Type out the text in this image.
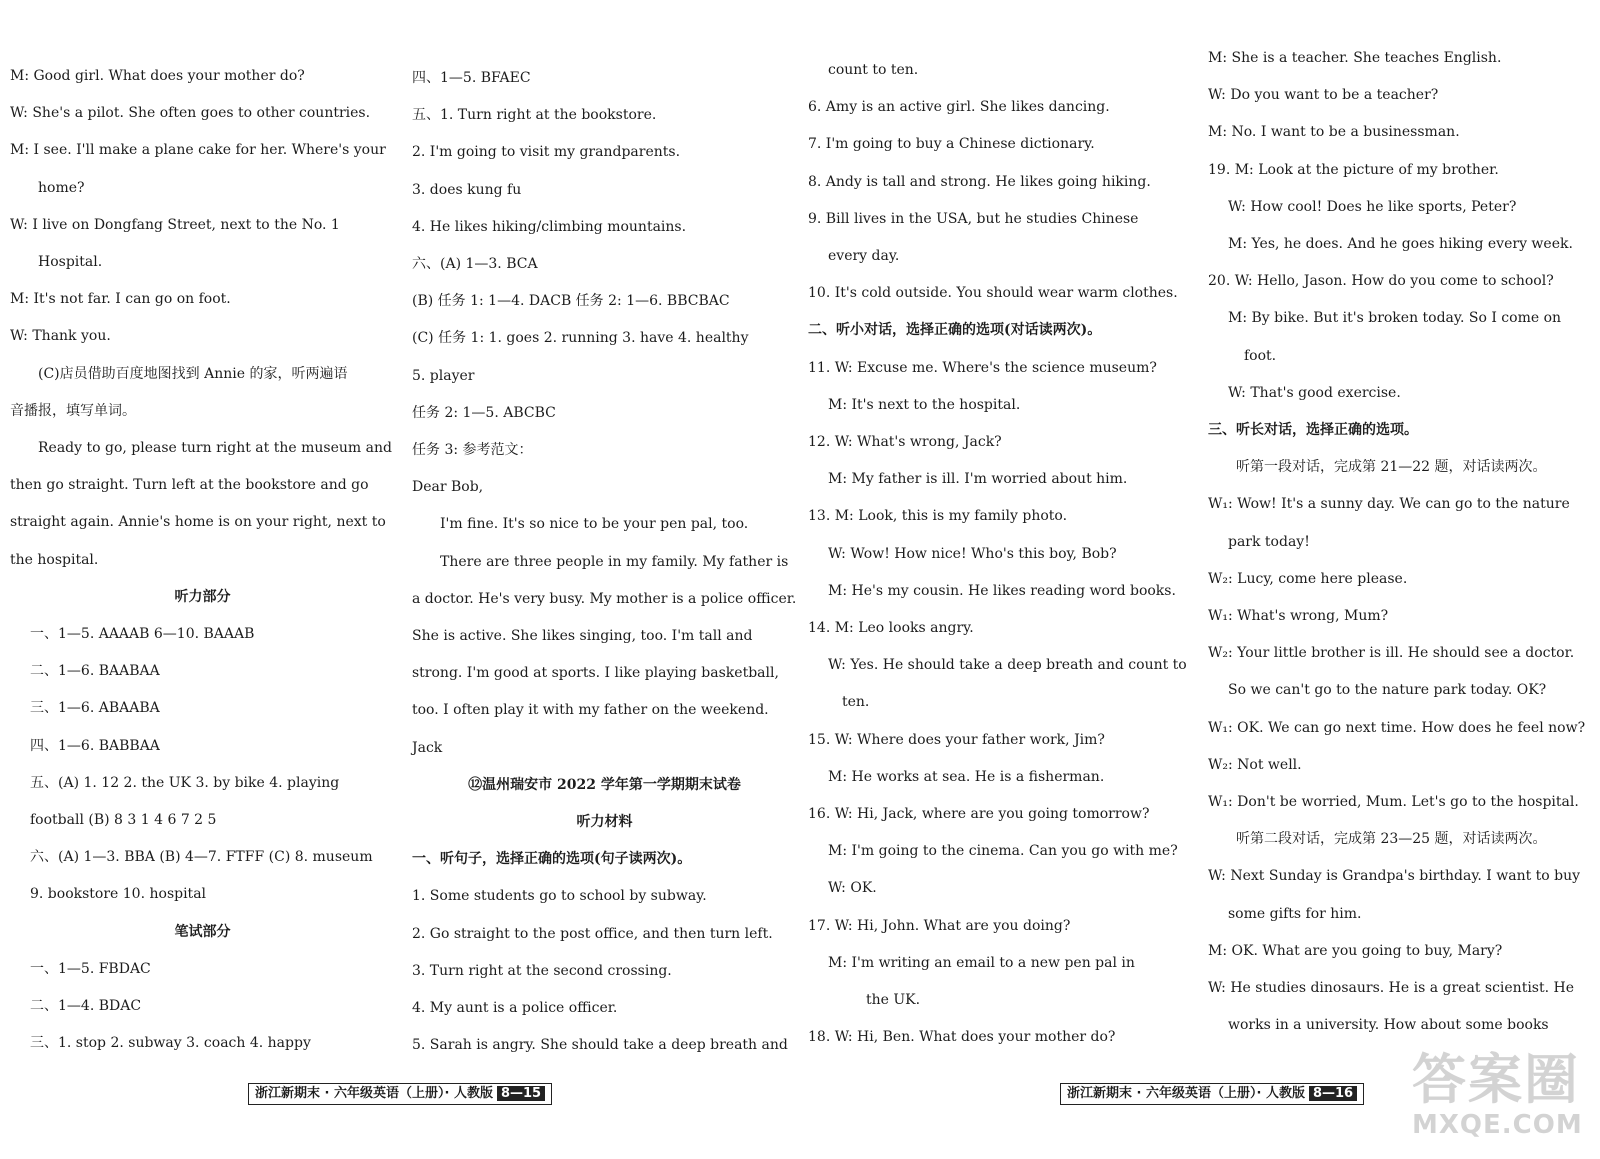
M: Good girl. What does your mother do?

W: She's a pilot. She often goes to other countries.

M: I see. I'll make a plane cake for her. Where's your

home?

W: I live on Dongfang Street, next to the No. 1

Hospital.

M: It's not far. I can go on foot.

W: Thank you.

(C)店员借助百度地图找到 Annie 的家，听两遍语

音播报，填写单词。

Ready to go, please turn right at the museum and

then go straight. Turn left at the bookstore and go

straight again. Annie's home is on your right, next to

the hospital.

听力部分

一、1—5. AAAAB 6—10. BAAAB

二、1—6. BAABAA

三、1—6. ABAABA

四、1—6. BABBAA

五、(A) 1. 12 2. the UK 3. by bike 4. playing

football (B) 8 3 1 4 6 7 2 5

六、(A) 1—3. BBA (B) 4—7. FTFF (C) 8. museum

9. bookstore 10. hospital

笔试部分

一、1—5. FBDAC

二、1—4. BDAC

三、1. stop 2. subway 3. coach 4. happy

四、1—5. BFAEC

五、1. Turn right at the bookstore.

2. I'm going to visit my grandparents.

3. does kung fu

4. He likes hiking/climbing mountains.

六、(A) 1—3. BCA

(B) 任务 1: 1—4. DACB 任务 2: 1—6. BBCBAC

(C) 任务 1: 1. goes 2. running 3. have 4. healthy

5. player

任务 2: 1—5. ABCBC

任务 3: 参考范文：

Dear Bob,

I'm fine. It's so nice to be your pen pal, too.

There are three people in my family. My father is

a doctor. He's very busy. My mother is a police officer.

She is active. She likes singing, too. I'm tall and

strong. I'm good at sports. I like playing basketball,

too. I often play it with my father on the weekend.

Jack

⑫温州瑞安市 2022 学年第一学期期末试卷

听力材料

一、听句子，选择正确的选项(句子读两次)。

1. Some students go to school by subway.

2. Go straight to the post office, and then turn left.

3. Turn right at the second crossing.

4. My aunt is a police officer.

5. Sarah is angry. She should take a deep breath and

count to ten.

6. Amy is an active girl. She likes dancing.

7. I'm going to buy a Chinese dictionary.

8. Andy is tall and strong. He likes going hiking.

9. Bill lives in the USA, but he studies Chinese

every day.

10. It's cold outside. You should wear warm clothes.

二、听小对话，选择正确的选项(对话读两次)。

11. W: Excuse me. Where's the science museum?

M: It's next to the hospital.

12. W: What's wrong, Jack?

M: My father is ill. I'm worried about him.

13. M: Look, this is my family photo.

W: Wow! How nice! Who's this boy, Bob?

M: He's my cousin. He likes reading word books.

14. M: Leo looks angry.

W: Yes. He should take a deep breath and count to

ten.

15. W: Where does your father work, Jim?

M: He works at sea. He is a fisherman.

16. W: Hi, Jack, where are you going tomorrow?

M: I'm going to the cinema. Can you go with me?

W: OK.

17. W: Hi, John. What are you doing?

M: I'm writing an email to a new pen pal in

the UK.

18. W: Hi, Ben. What does your mother do?

M: She is a teacher. She teaches English.

W: Do you want to be a teacher?

M: No. I want to be a businessman.

19. M: Look at the picture of my brother.

W: How cool! Does he like sports, Peter?

M: Yes, he does. And he goes hiking every week.

20. W: Hello, Jason. How do you come to school?

M: By bike. But it's broken today. So I come on

foot.

W: That's good exercise.

三、听长对话，选择正确的选项。

听第一段对话，完成第 21—22 题，对话读两次。

W₁: Wow! It's a sunny day. We can go to the nature

park today!

W₂: Lucy, come here please.

W₁: What's wrong, Mum?

W₂: Your little brother is ill. He should see a doctor.

So we can't go to the nature park today. OK?

W₁: OK. We can go next time. How does he feel now?

W₂: Not well.

W₁: Don't be worried, Mum. Let's go to the hospital.

听第二段对话，完成第 23—25 题，对话读两次。

W: Next Sunday is Grandpa's birthday. I want to buy

some gifts for him.

M: OK. What are you going to buy, Mary?

W: He studies dinosaurs. He is a great scientist. He

works in a university. How about some books

浙江新期末 · 六年级英语（上册）· 人教版 8—15	浙江新期末 · 六年级英语（上册）· 人教版 8—16 答案圈
MXQE.COM
